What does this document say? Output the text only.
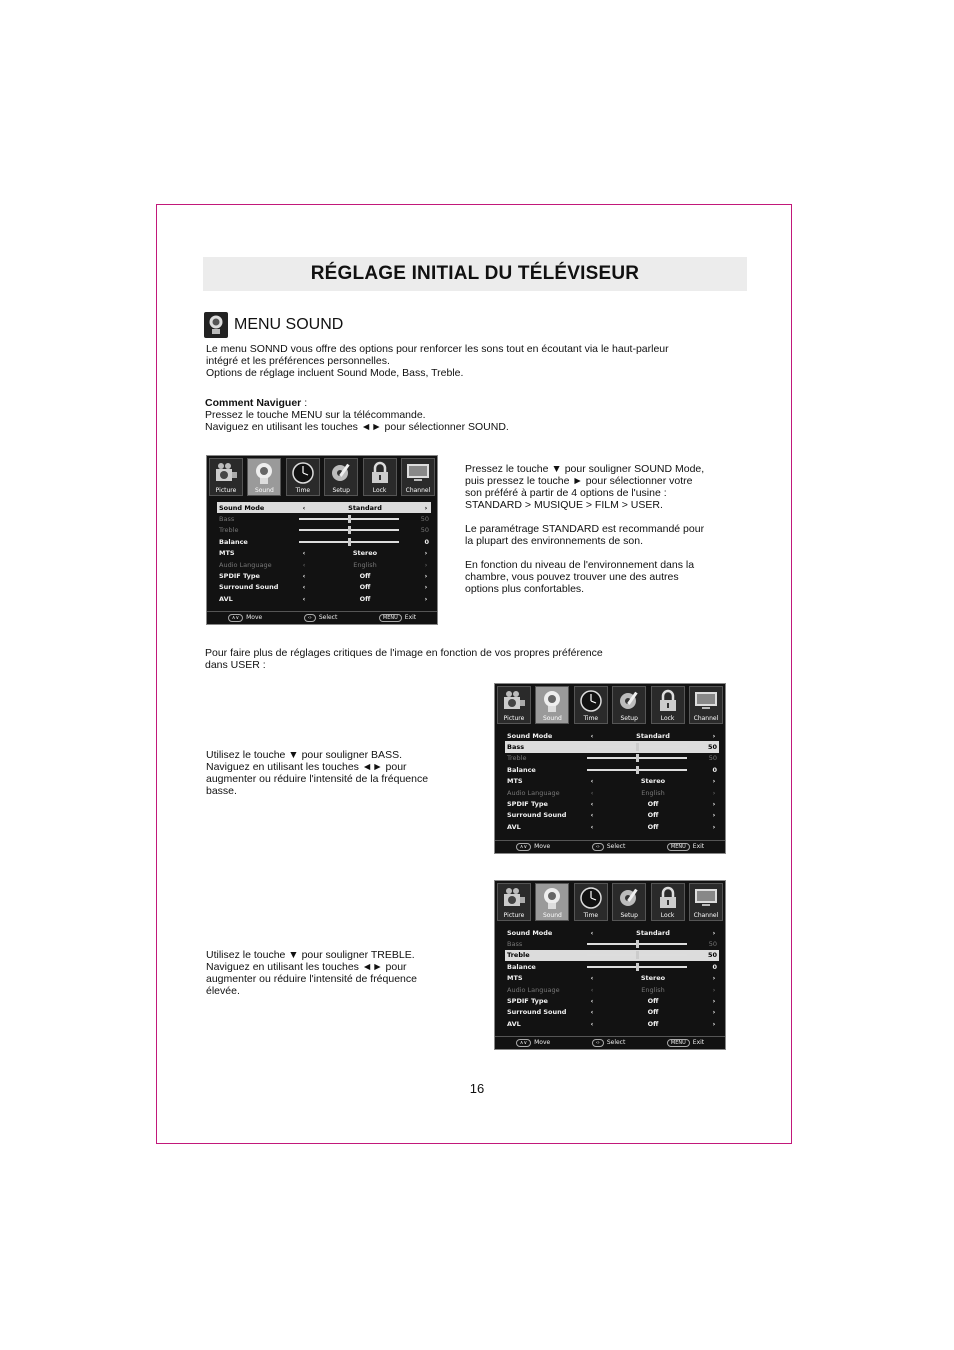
RÉGLAGE INITIAL DU TÉLÉVISEUR
MENU SOUND

Le menu SONND vous offre des options pour renforcer les sons tout en écoutant via le haut-parleur

intégré et les préférences personnelles.

Options de réglage incluent Sound Mode, Bass, Treble.

Comment Naviguer :

Pressez le touche MENU sur la télécommande.

Naviguez en utilisant les touches ◄► pour sélectionner SOUND.

Pressez le touche ▼ pour souligner SOUND Mode,

puis pressez le touche ► pour sélectionner votre

son préféré à partir de 4 options de l'usine :

STANDARD > MUSIQUE > FILM > USER.

Le paramétrage STANDARD est recommandé pour

la plupart des environnements de son.

En fonction du niveau de l'environnement dans la

chambre, vous pouvez trouver une des autres

options plus confortables.

Pour faire plus de réglages critiques de l'image en fonction de vos propres préférence

dans USER :

Utilisez le touche ▼ pour souligner BASS.

Naviguez en utilisant les touches ◄► pour

augmenter ou réduire l'intensité de la fréquence

basse.

Utilisez le touche ▼ pour souligner TREBLE.

Naviguez en utilisant les touches ◄► pour

augmenter ou réduire l'intensité de fréquence

élevée.

Picture	Sound	Time	Setup	Lock	Channel
Sound Mode	‹	Standard	›
Bass	50
Treble	50
Balance	0
MTS	‹	Stereo	›
Audio Language	‹	English	›
SPDIF Type	‹	Off	›
Surround Sound	‹	Off	›
AVL	‹	Off	›
∧∨ Move	‹› Select	MENU Exit
Picture	Sound	Time	Setup	Lock	Channel
Sound Mode	‹	Standard	›
Bass	50
Treble	50
Balance	0
MTS	‹	Stereo	›
Audio Language	‹	English	›
SPDIF Type	‹	Off	›
Surround Sound	‹	Off	›
AVL	‹	Off	›
∧∨ Move	‹› Select	MENU Exit
Picture	Sound	Time	Setup	Lock	Channel
Sound Mode	‹	Standard	›
Bass	50
Treble	50
Balance	0
MTS	‹	Stereo	›
Audio Language	‹	English	›
SPDIF Type	‹	Off	›
Surround Sound	‹	Off	›
AVL	‹	Off	›
∧∨ Move	‹› Select	MENU Exit
16
